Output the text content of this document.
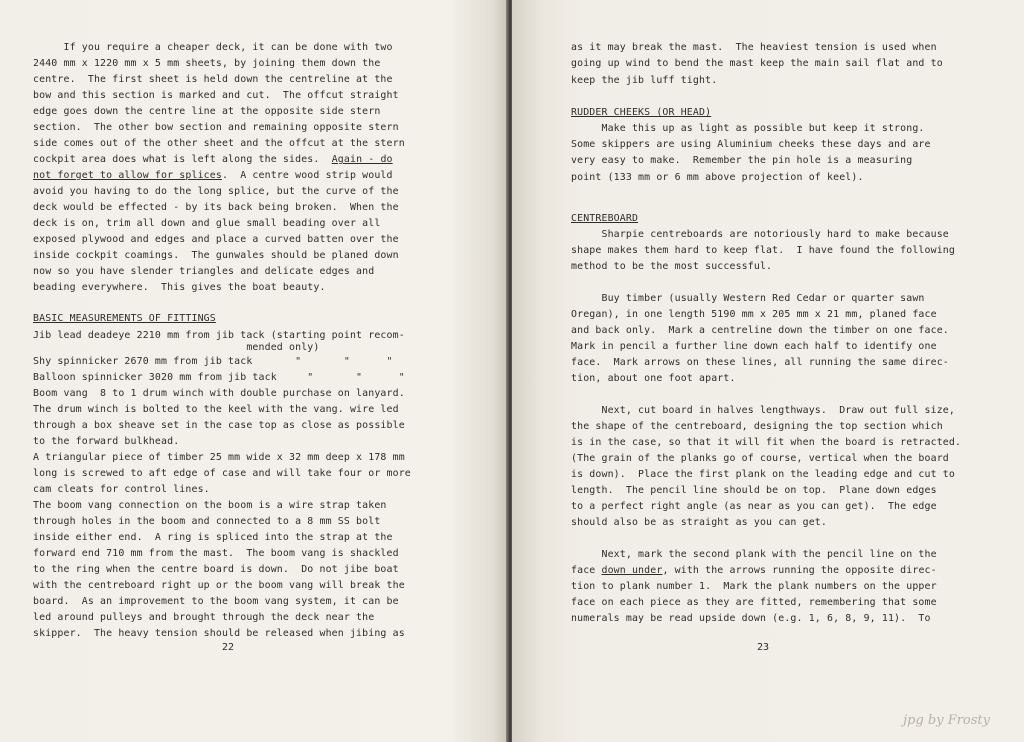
If you require a cheaper deck, it can be done with two
2440 mm x 1220 mm x 5 mm sheets, by joining them down the
centre.  The first sheet is held down the centreline at the
bow and this section is marked and cut.  The offcut straight
edge goes down the centre line at the opposite side stern
section.  The other bow section and remaining opposite stern
side comes out of the other sheet and the offcut at the stern
cockpit area does what is left along the sides. Again - do
not forget to allow for splices.  A centre wood strip would
avoid you having to do the long splice, but the curve of the
deck would be effected - by its back being broken.  When the
deck is on, trim all down and glue small beading over all
exposed plywood and edges and place a curved batten over the
inside cockpit coamings.  The gunwales should be planed down
now so you have slender triangles and delicate edges and
beading everywhere.  This gives the boat beauty.
BASIC MEASUREMENTS OF FITTINGS
Jib lead deadeye 2210 mm from jib tack (starting point recom-
mended only)
Shy spinnicker 2670 mm from jib tack       "       "      "
Balloon spinnicker 3020 mm from jib tack     "       "      "
Boom vang  8 to 1 drum winch with double purchase on lanyard.
The drum winch is bolted to the keel with the vang. wire led
through a box sheave set in the case top as close as possible
to the forward bulkhead.
A triangular piece of timber 25 mm wide x 32 mm deep x 178 mm
long is screwed to aft edge of case and will take four or more
cam cleats for control lines.
The boom vang connection on the boom is a wire strap taken
through holes in the boom and connected to a 8 mm SS bolt
inside either end.  A ring is spliced into the strap at the
forward end 710 mm from the mast.  The boom vang is shackled
to the ring when the centre board is down.  Do not jibe boat
with the centreboard right up or the boom vang will break the
board.  As an improvement to the boom vang system, it can be
led around pulleys and brought through the deck near the
skipper.  The heavy tension should be released when jibing as
22
as it may break the mast.  The heaviest tension is used when
going up wind to bend the mast keep the main sail flat and to
keep the jib luff tight.
RUDDER CHEEKS (OR HEAD)
Make this up as light as possible but keep it strong.
Some skippers are using Aluminium cheeks these days and are
very easy to make.  Remember the pin hole is a measuring
point (133 mm or 6 mm above projection of keel).
CENTREBOARD
Sharpie centreboards are notoriously hard to make because
shape makes them hard to keep flat.  I have found the following
method to be the most successful.
Buy timber (usually Western Red Cedar or quarter sawn
Oregan), in one length 5190 mm x 205 mm x 21 mm, planed face
and back only.  Mark a centreline down the timber on one face.
Mark in pencil a further line down each half to identify one
face.  Mark arrows on these lines, all running the same direc-
tion, about one foot apart.
Next, cut board in halves lengthways.  Draw out full size,
the shape of the centreboard, designing the top section which
is in the case, so that it will fit when the board is retracted.
(The grain of the planks go of course, vertical when the board
is down).  Place the first plank on the leading edge and cut to
length.  The pencil line should be on top.  Plane down edges
to a perfect right angle (as near as you can get).  The edge
should also be as straight as you can get.
Next, mark the second plank with the pencil line on the
face down under, with the arrows running the opposite direc-
tion to plank number 1.  Mark the plank numbers on the upper
face on each piece as they are fitted, remembering that some
numerals may be read upside down (e.g. 1, 6, 8, 9, 11).  To
23
jpg by Frosty
